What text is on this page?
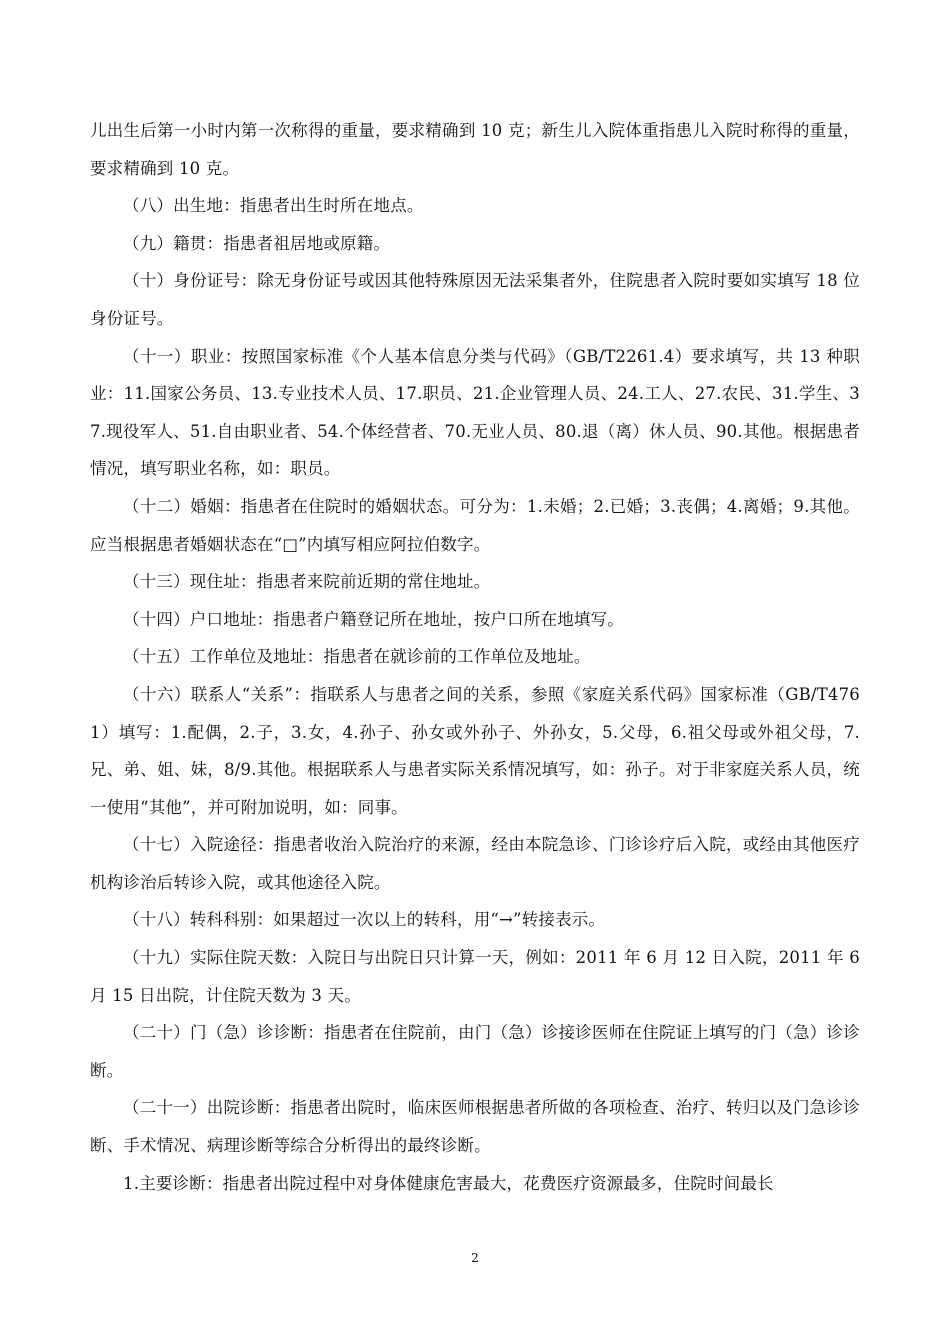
儿出生后第一小时内第一次称得的重量，要求精确到 10 克；新生儿入院体重指患儿入院时称得的重量，要求精确到 10 克。

（八）出生地：指患者出生时所在地点。

（九）籍贯：指患者祖居地或原籍。

（十）身份证号：除无身份证号或因其他特殊原因无法采集者外，住院患者入院时要如实填写 18 位身份证号。

（十一）职业：按照国家标准《个人基本信息分类与代码》（GB/T2261.4）要求填写，共 13 种职业：11.国家公务员、13.专业技术人员、17.职员、21.企业管理人员、24.工人、27.农民、31.学生、37.现役军人、51.自由职业者、54.个体经营者、70.无业人员、80.退（离）休人员、90.其他。根据患者情况，填写职业名称，如：职员。

（十二）婚姻：指患者在住院时的婚姻状态。可分为：1.未婚；2.已婚；3.丧偶；4.离婚；9.其他。应当根据患者婚姻状态在“□”内填写相应阿拉伯数字。

（十三）现住址：指患者来院前近期的常住地址。

（十四）户口地址：指患者户籍登记所在地址，按户口所在地填写。

（十五）工作单位及地址：指患者在就诊前的工作单位及地址。

（十六）联系人“关系”：指联系人与患者之间的关系，参照《家庭关系代码》国家标准（GB/T4761）填写：1.配偶，2.子，3.女，4.孙子、孙女或外孙子、外孙女，5.父母，6.祖父母或外祖父母，7.兄、弟、姐、妹，8/9.其他。根据联系人与患者实际关系情况填写，如：孙子。对于非家庭关系人员，统一使用“其他”，并可附加说明，如：同事。

（十七）入院途径：指患者收治入院治疗的来源，经由本院急诊、门诊诊疗后入院，或经由其他医疗机构诊治后转诊入院，或其他途径入院。

（十八）转科科别：如果超过一次以上的转科，用“→”转接表示。

（十九）实际住院天数：入院日与出院日只计算一天，例如：2011 年 6 月 12 日入院，2011 年 6 月 15 日出院，计住院天数为 3 天。

（二十）门（急）诊诊断：指患者在住院前，由门（急）诊接诊医师在住院证上填写的门（急）诊诊断。

（二十一）出院诊断：指患者出院时，临床医师根据患者所做的各项检查、治疗、转归以及门急诊诊断、手术情况、病理诊断等综合分析得出的最终诊断。

1.主要诊断：指患者出院过程中对身体健康危害最大，花费医疗资源最多，住院时间最长

2
